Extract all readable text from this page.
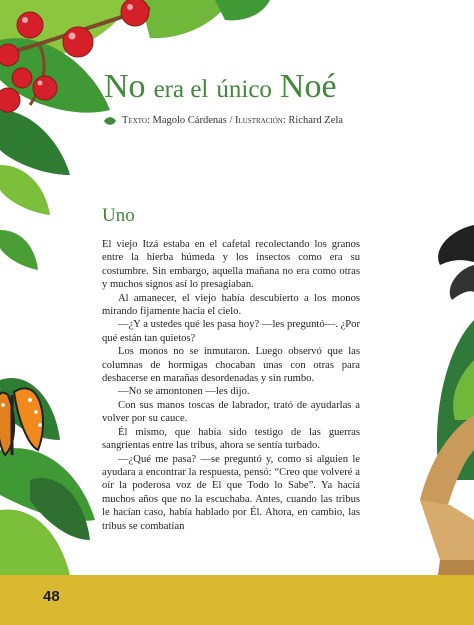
No era el único Noé
Texto: Magolo Cárdenas / Ilustración: Richard Zela
Uno

El viejo Itzá estaba en el cafetal recolectando los granos entre la hierba húmeda y los insectos como era su costumbre. Sin embargo, aquella mañana no era como otras y muchos signos así lo presagiaban.

Al amanecer, el viejo había descubierto a los monos mirando fijamente hacia el cielo.

—¿Y a ustedes qué les pasa hoy? —les preguntó—. ¿Por qué están tan quietos?

Los monos no se inmutaron. Luego observó que las columnas de hormigas chocaban unas con otras para deshacerse en marañas desordenadas y sin rumbo.

—No se amontonen —les dijo.

Con sus manos toscas de labrador, trató de ayudarlas a volver por su cauce.

Él mismo, que había sido testigo de las guerras sangrientas entre las tribus, ahora se sentía turbado.

—¿Qué me pasa? —se preguntó y, como si alguien le ayudara a encontrar la respuesta, pensó: “Creo que volveré a oír la poderosa voz de El que Todo lo Sabe”. Ya hacía muchos años que no la escuchaba. Antes, cuando las tribus le hacían caso, había hablado por Él. Ahora, en cambio, las tribus se combatían

48
